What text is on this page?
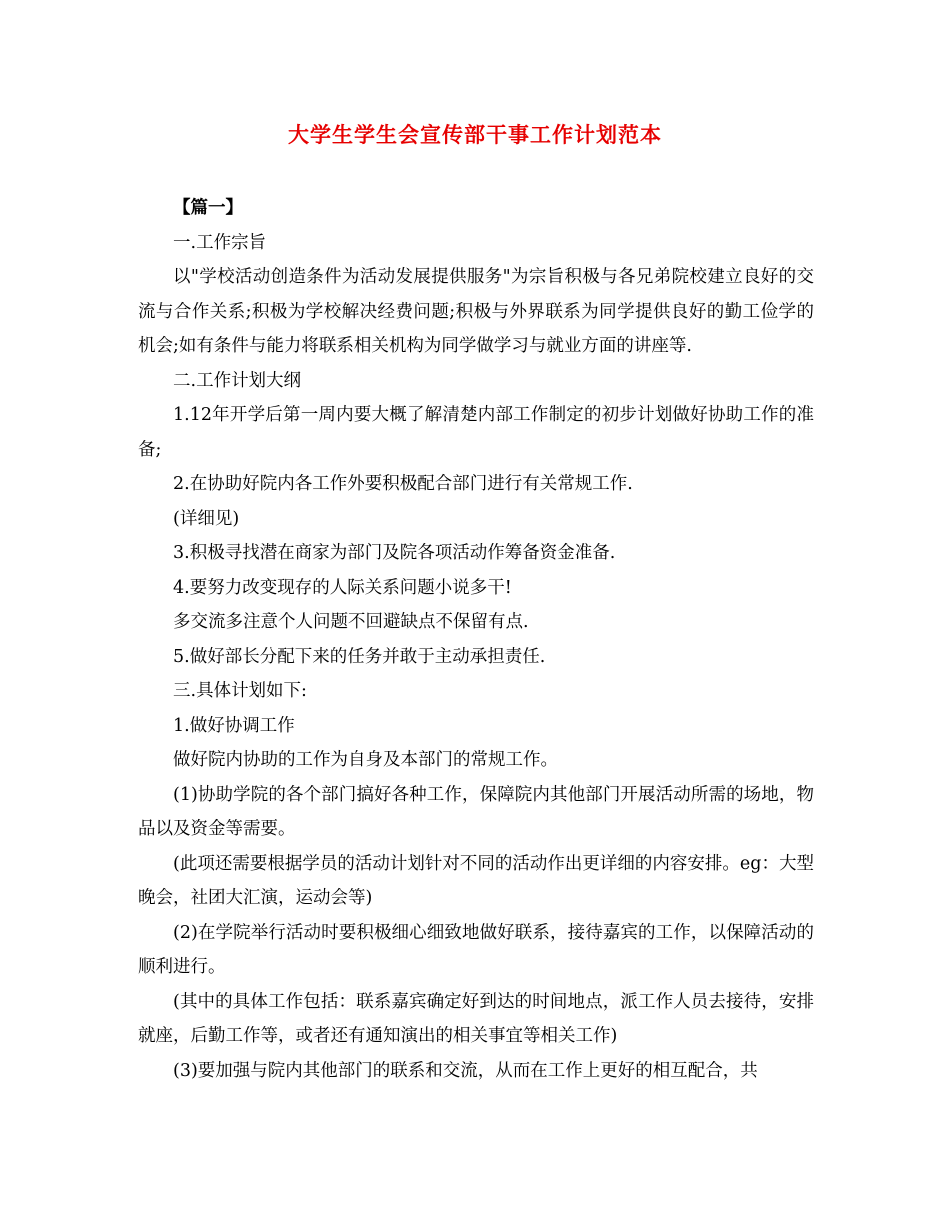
大学生学生会宣传部干事工作计划范本

【篇一】

一.工作宗旨

以"学校活动创造条件为活动发展提供服务"为宗旨积极与各兄弟院校建立良好的交流与合作关系;积极为学校解决经费问题;积极与外界联系为同学提供良好的勤工俭学的机会;如有条件与能力将联系相关机构为同学做学习与就业方面的讲座等.

二.工作计划大纲

1.12年开学后第一周内要大概了解清楚内部工作制定的初步计划做好协助工作的准备;

2.在协助好院内各工作外要积极配合部门进行有关常规工作.

(详细见)

3.积极寻找潜在商家为部门及院各项活动作筹备资金准备.

4.要努力改变现存的人际关系问题小说多干!

多交流多注意个人问题不回避缺点不保留有点.

5.做好部长分配下来的任务并敢于主动承担责任.

三.具体计划如下:

1.做好协调工作

做好院内协助的工作为自身及本部门的常规工作。

(1)协助学院的各个部门搞好各种工作，保障院内其他部门开展活动所需的场地，物品以及资金等需要。

(此项还需要根据学员的活动计划针对不同的活动作出更详细的内容安排。eg：大型晚会，社团大汇演，运动会等)

(2)在学院举行活动时要积极细心细致地做好联系，接待嘉宾的工作，以保障活动的顺利进行。

(其中的具体工作包括：联系嘉宾确定好到达的时间地点，派工作人员去接待，安排就座，后勤工作等，或者还有通知演出的相关事宜等相关工作)

(3)要加强与院内其他部门的联系和交流，从而在工作上更好的相互配合，共
